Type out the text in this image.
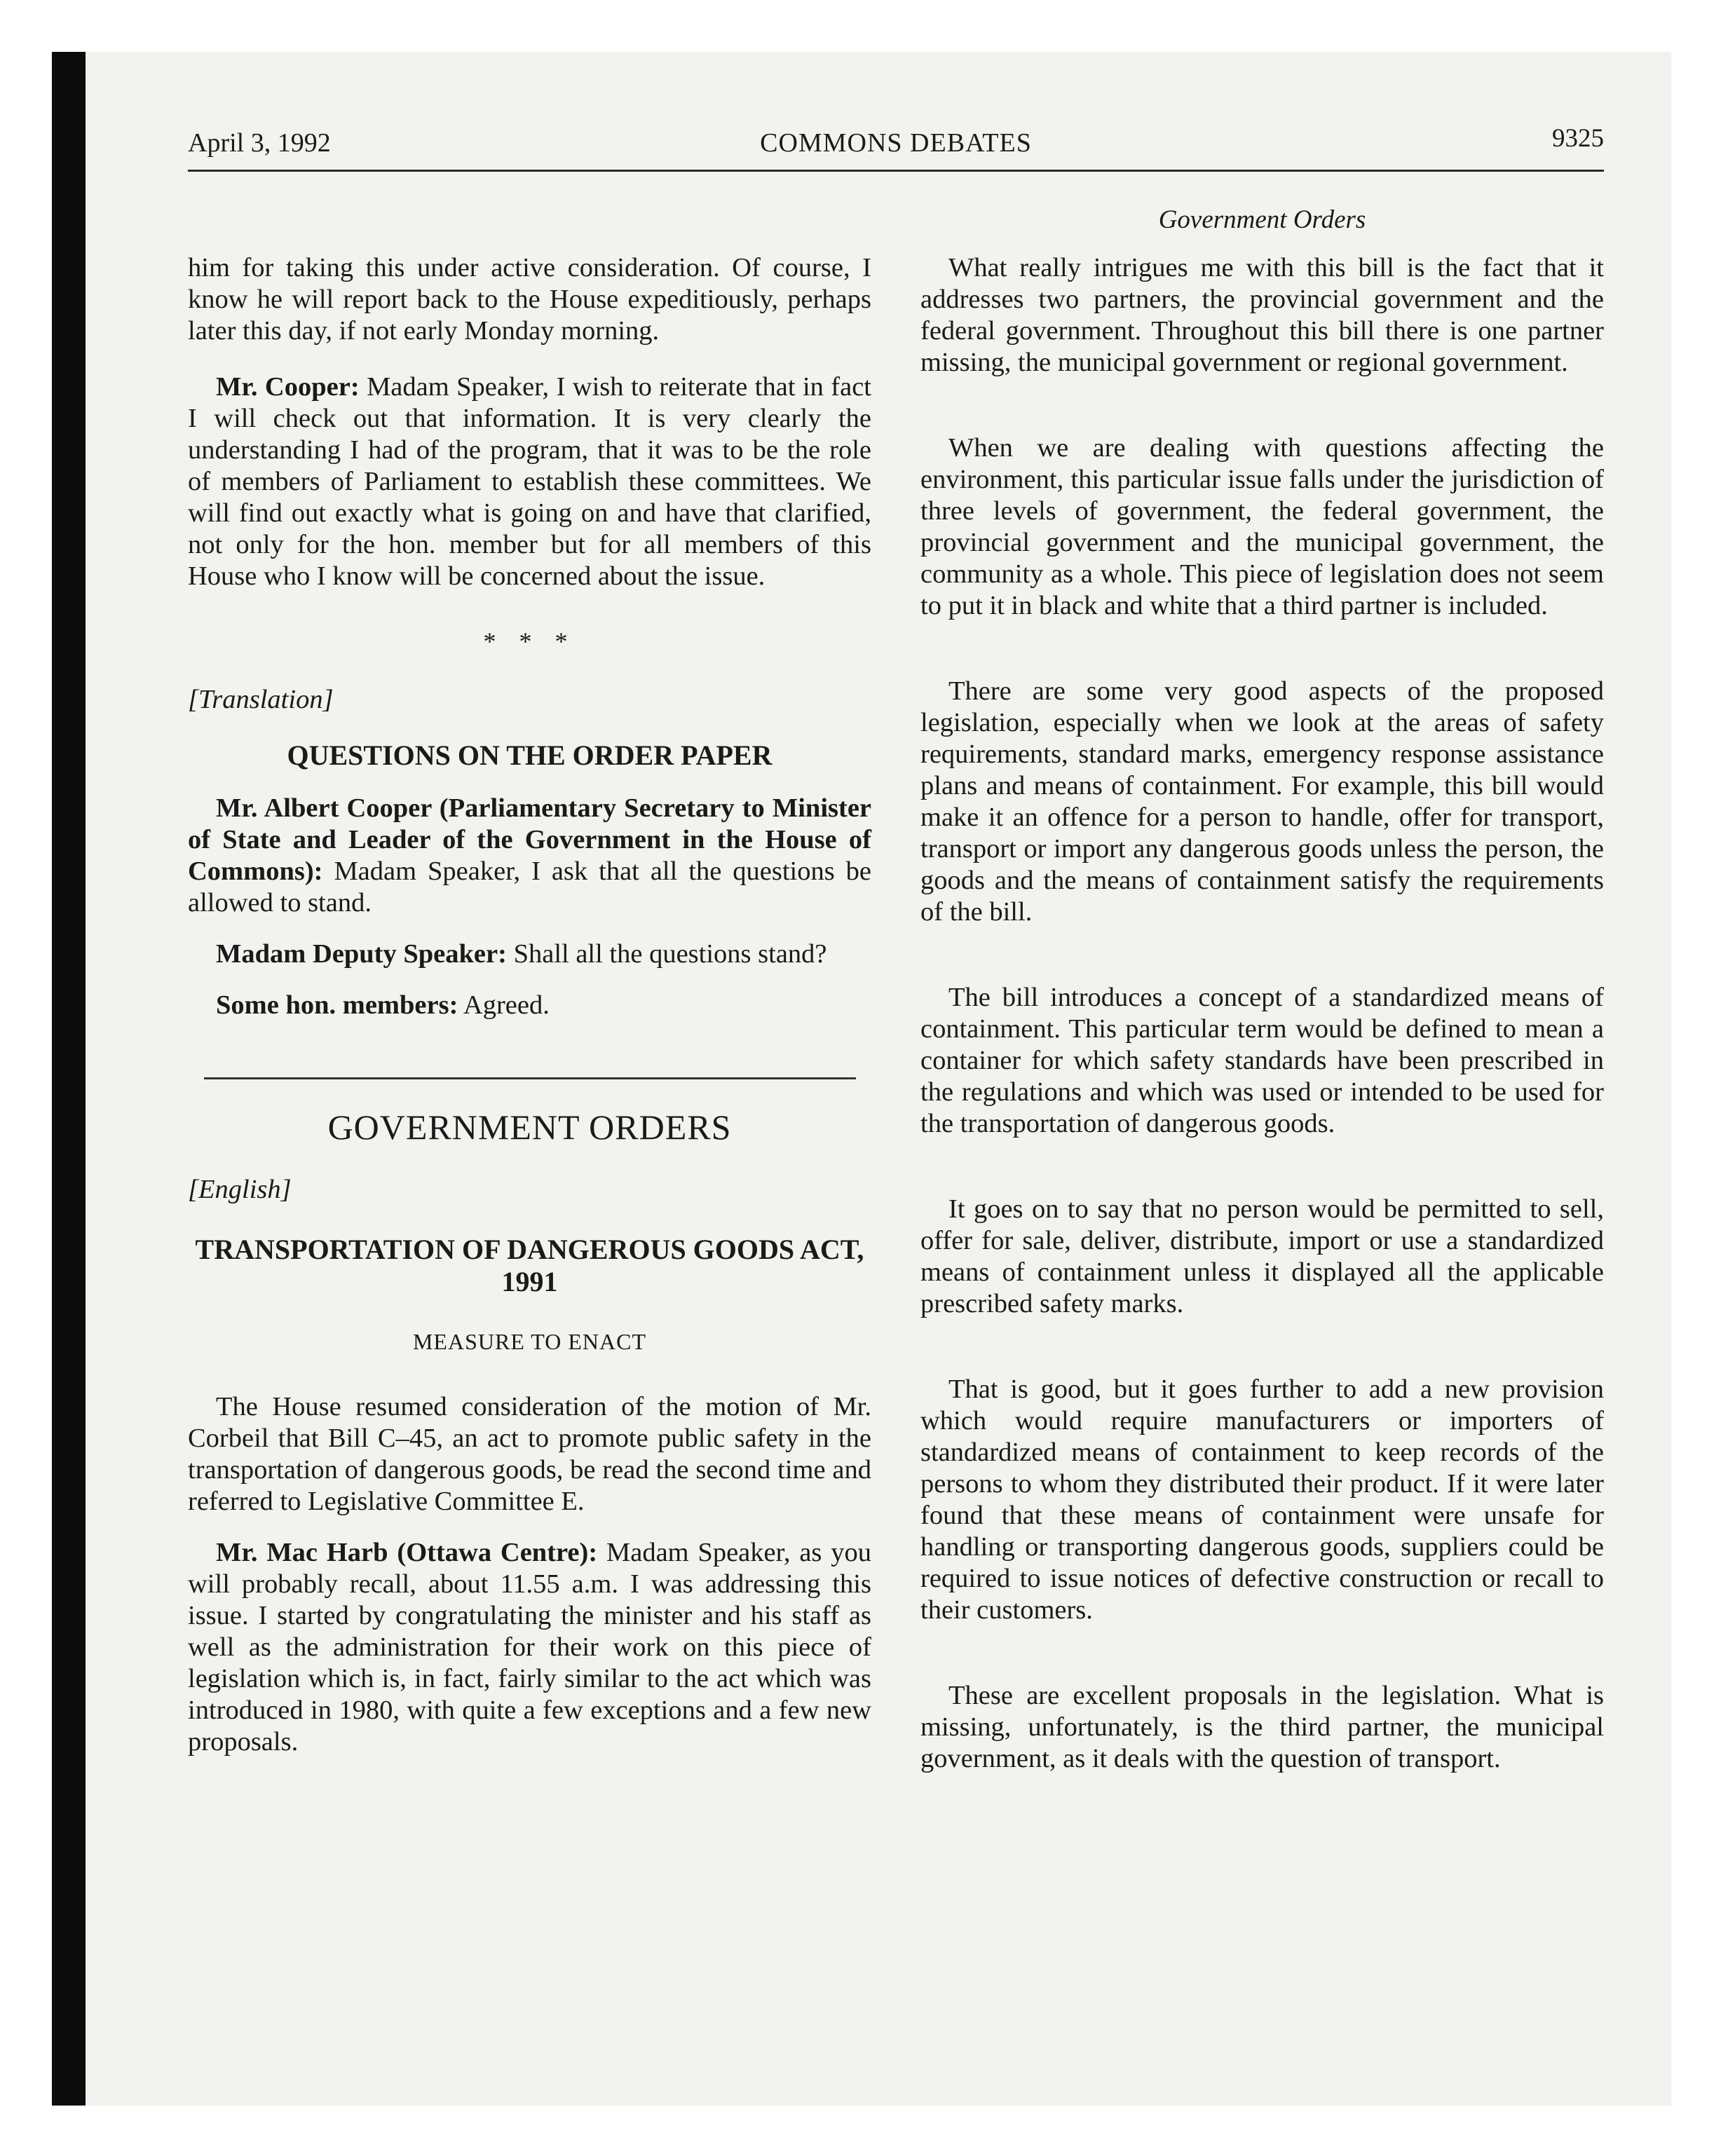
April 3, 1992	COMMONS DEBATES	9325
Government Orders

him for taking this under active consideration. Of course, I know he will report back to the House expeditiously, perhaps later this day, if not early Monday morning.

Mr. Cooper: Madam Speaker, I wish to reiterate that in fact I will check out that information. It is very clearly the understanding I had of the program, that it was to be the role of members of Parliament to establish these committees. We will find out exactly what is going on and have that clarified, not only for the hon. member but for all members of this House who I know will be concerned about the issue.

* * *
[Translation]
QUESTIONS ON THE ORDER PAPER

Mr. Albert Cooper (Parliamentary Secretary to Minister of State and Leader of the Government in the House of Commons): Madam Speaker, I ask that all the questions be allowed to stand.

Madam Deputy Speaker: Shall all the questions stand?

Some hon. members: Agreed.

GOVERNMENT ORDERS
[English]
TRANSPORTATION OF DANGEROUS GOODS ACT, 1991
MEASURE TO ENACT

The House resumed consideration of the motion of Mr. Corbeil that Bill C–45, an act to promote public safety in the transportation of dangerous goods, be read the second time and referred to Legislative Committee E.

Mr. Mac Harb (Ottawa Centre): Madam Speaker, as you will probably recall, about 11.55 a.m. I was addressing this issue. I started by congratulating the minister and his staff as well as the administration for their work on this piece of legislation which is, in fact, fairly similar to the act which was introduced in 1980, with quite a few exceptions and a few new proposals.

What really intrigues me with this bill is the fact that it addresses two partners, the provincial government and the federal government. Throughout this bill there is one partner missing, the municipal government or regional government.

When we are dealing with questions affecting the environment, this particular issue falls under the jurisdiction of three levels of government, the federal government, the provincial government and the municipal government, the community as a whole. This piece of legislation does not seem to put it in black and white that a third partner is included.

There are some very good aspects of the proposed legislation, especially when we look at the areas of safety requirements, standard marks, emergency response assistance plans and means of containment. For example, this bill would make it an offence for a person to handle, offer for transport, transport or import any dangerous goods unless the person, the goods and the means of containment satisfy the requirements of the bill.

The bill introduces a concept of a standardized means of containment. This particular term would be defined to mean a container for which safety standards have been prescribed in the regulations and which was used or intended to be used for the transportation of dangerous goods.

It goes on to say that no person would be permitted to sell, offer for sale, deliver, distribute, import or use a standardized means of containment unless it displayed all the applicable prescribed safety marks.

That is good, but it goes further to add a new provision which would require manufacturers or importers of standardized means of containment to keep records of the persons to whom they distributed their product. If it were later found that these means of containment were unsafe for handling or transporting dangerous goods, suppliers could be required to issue notices of defective construction or recall to their customers.

These are excellent proposals in the legislation. What is missing, unfortunately, is the third partner, the municipal government, as it deals with the question of transport.
